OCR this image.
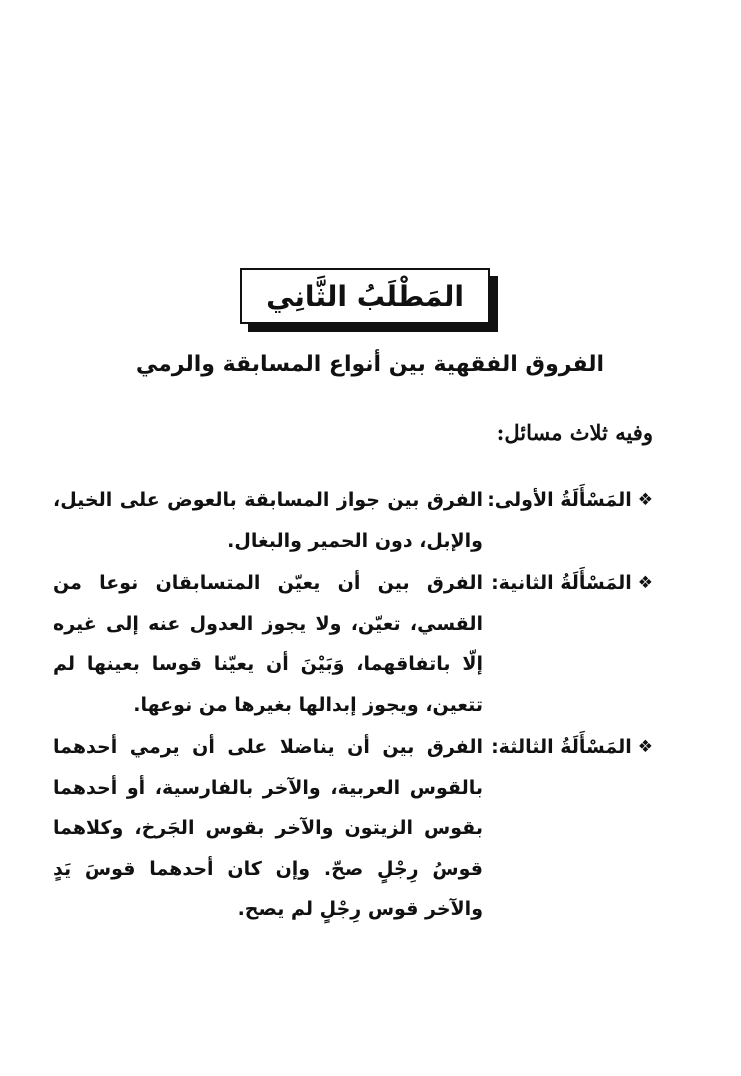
المَطْلَبُ الثَّانِي
الفروق الفقهية بين أنواع المسابقة والرمي
وفيه ثلاث مسائل:
❖
المَسْأَلَةُ الأولى:
الفرق بين جواز المسابقة بالعوض على الخيل، والإبل، دون الحمير والبغال.
❖
المَسْأَلَةُ الثانية:
الفرق بين أن يعيّن المتسابقان نوعا من القسي، تعيّن، ولا يجوز العدول عنه إلى غيره إلّا باتفاقهما، وَبَيْنَ أن يعيّنا قوسا بعينها لم تتعين، ويجوز إبدالها بغيرها من نوعها.
❖
المَسْأَلَةُ الثالثة:
الفرق بين أن يناضلا على أن يرمي أحدهما بالقوس العربية، والآخر بالفارسية، أو أحدهما بقوس الزيتون والآخر بقوس الجَرخ، وكلاهما قوسُ رِجْلٍ صحّ. وإن كان أحدهما قوسَ يَدٍ والآخر قوس رِجْلٍ لم يصح.
